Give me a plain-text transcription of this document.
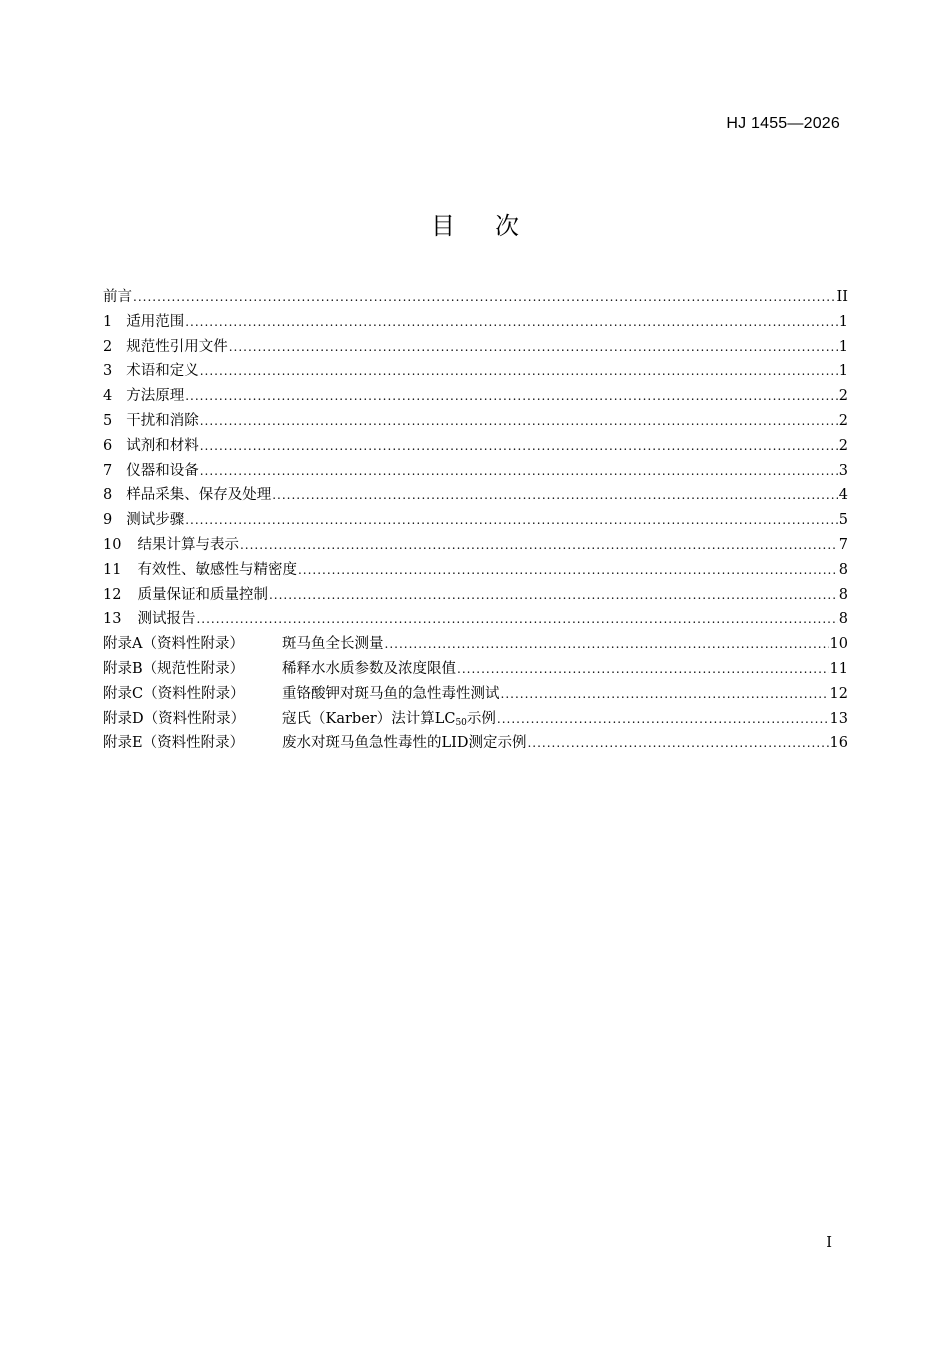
HJ 1455—2026
目次
前言 .....	II
1 适用范围 .....	1
2 规范性引用文件 .....	1
3 术语和定义 .....	1
4 方法原理 .....	2
5 干扰和消除 .....	2
6 试剂和材料 .....	2
7 仪器和设备 .....	3
8 样品采集、保存及处理 .....	4
9 测试步骤 .....	5
10 结果计算与表示 .....	7
11 有效性、敏感性与精密度 .....	8
12 质量保证和质量控制 .....	8
13 测试报告 .....	8
附录A（资料性附录）	斑马鱼全长测量 .....	10
附录B（规范性附录）	稀释水水质参数及浓度限值 .....	11
附录C（资料性附录）	重铬酸钾对斑马鱼的急性毒性测试 .....	12
附录D（资料性附录）	寇氏（Karber）法计算$LC_{50}$示例 .....	13
附录E（资料性附录）	废水对斑马鱼急性毒性的LID测定示例 .....	16
I
